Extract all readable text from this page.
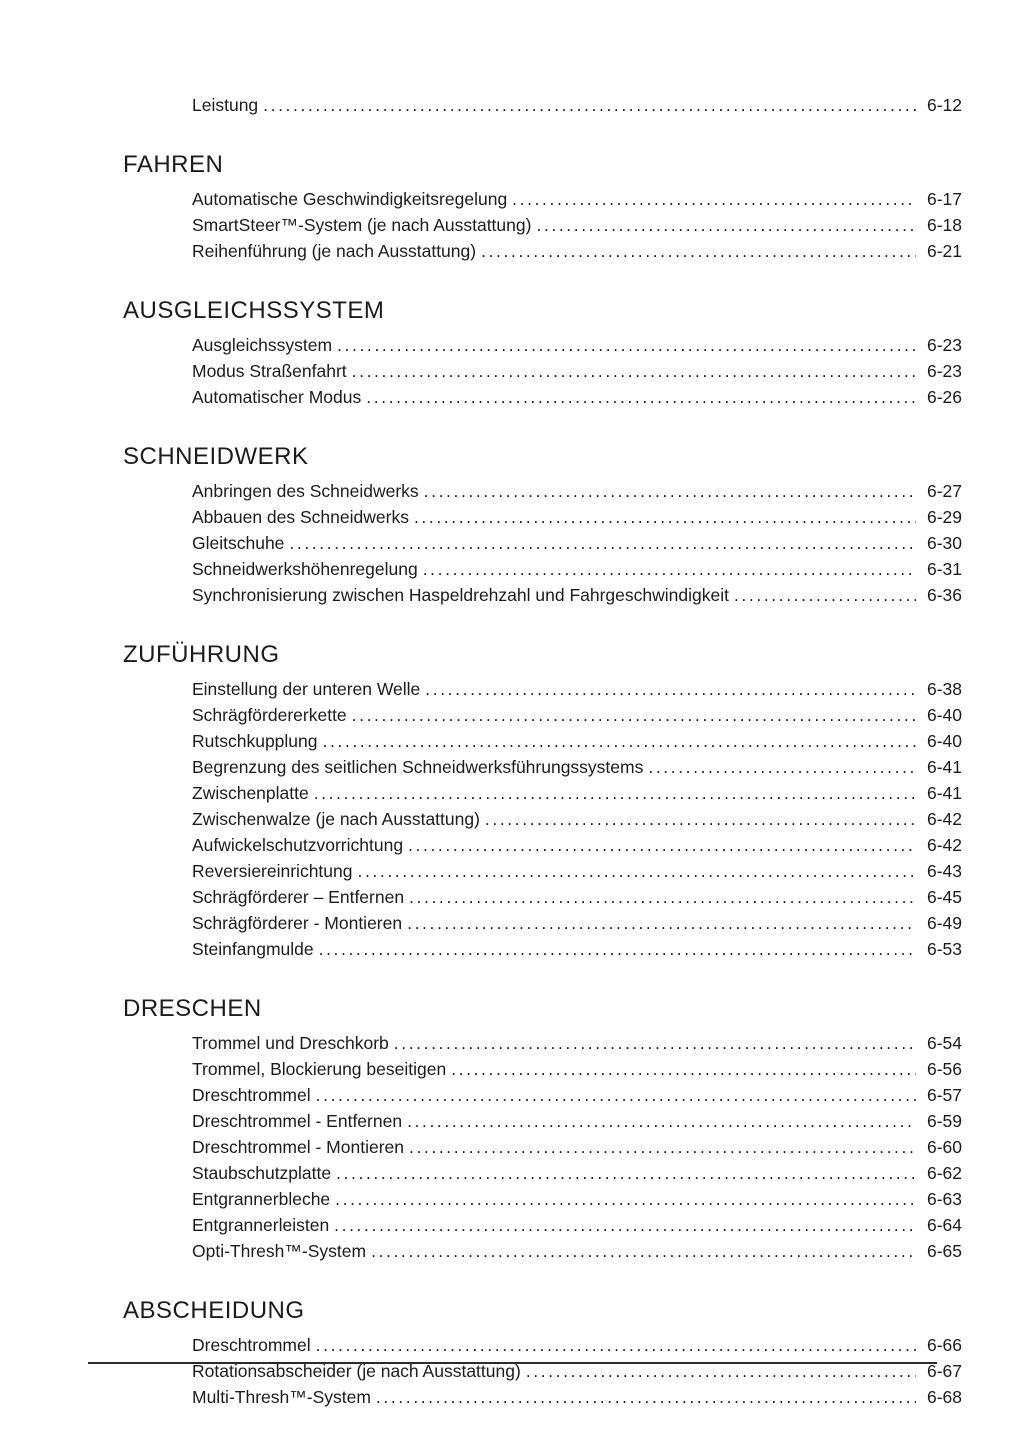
Leistung .....	6-12
FAHREN
Automatische Geschwindigkeitsregelung .....	6-17
SmartSteer™-System (je nach Ausstattung) .....	6-18
Reihenführung (je nach Ausstattung) .....	6-21
AUSGLEICHSSYSTEM
Ausgleichssystem .....	6-23
Modus Straßenfahrt .....	6-23
Automatischer Modus .....	6-26
SCHNEIDWERK
Anbringen des Schneidwerks .....	6-27
Abbauen des Schneidwerks .....	6-29
Gleitschuhe .....	6-30
Schneidwerkshöhenregelung .....	6-31
Synchronisierung zwischen Haspeldrehzahl und Fahrgeschwindigkeit .....	6-36
ZUFÜHRUNG
Einstellung der unteren Welle .....	6-38
Schrägfördererkette .....	6-40
Rutschkupplung .....	6-40
Begrenzung des seitlichen Schneidwerksführungssystems .....	6-41
Zwischenplatte .....	6-41
Zwischenwalze (je nach Ausstattung) .....	6-42
Aufwickelschutzvorrichtung .....	6-42
Reversiereinrichtung .....	6-43
Schrägförderer – Entfernen .....	6-45
Schrägförderer - Montieren .....	6-49
Steinfangmulde .....	6-53
DRESCHEN
Trommel und Dreschkorb .....	6-54
Trommel, Blockierung beseitigen .....	6-56
Dreschtrommel .....	6-57
Dreschtrommel - Entfernen .....	6-59
Dreschtrommel - Montieren .....	6-60
Staubschutzplatte .....	6-62
Entgrannerbleche .....	6-63
Entgrannerleisten .....	6-64
Opti-Thresh™-System .....	6-65
ABSCHEIDUNG
Dreschtrommel .....	6-66
Rotationsabscheider (je nach Ausstattung) .....	6-67
Multi-Thresh™-System .....	6-68
